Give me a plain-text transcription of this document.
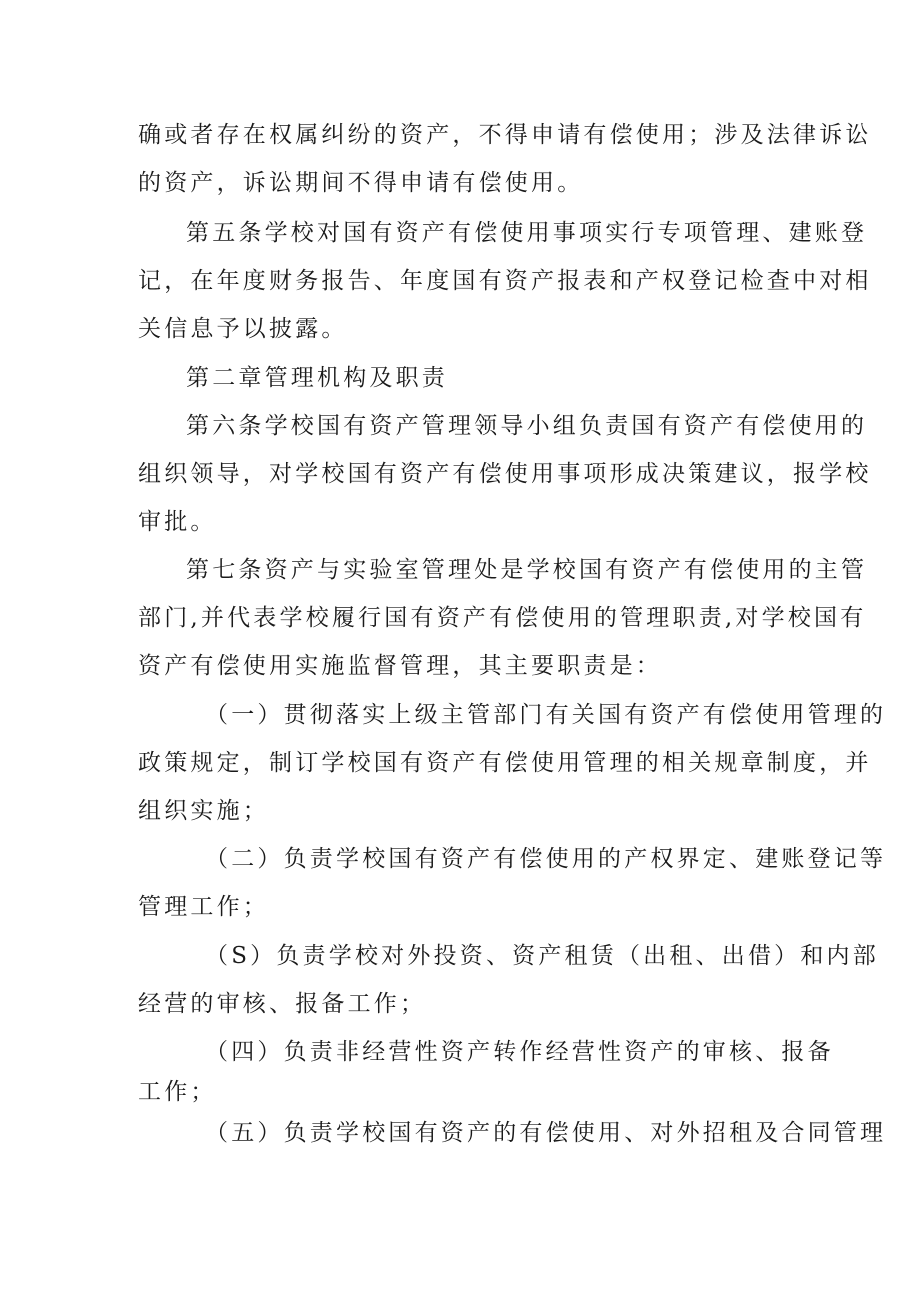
确或者存在权属纠纷的资产，不得申请有偿使用；涉及法律诉讼
的资产，诉讼期间不得申请有偿使用。
第五条学校对国有资产有偿使用事项实行专项管理、建账登
记，在年度财务报告、年度国有资产报表和产权登记检查中对相
关信息予以披露。
第二章管理机构及职责
第六条学校国有资产管理领导小组负责国有资产有偿使用的
组织领导，对学校国有资产有偿使用事项形成决策建议，报学校
审批。
第七条资产与实验室管理处是学校国有资产有偿使用的主管
部门,并代表学校履行国有资产有偿使用的管理职责,对学校国有
资产有偿使用实施监督管理，其主要职责是：
（一）贯彻落实上级主管部门有关国有资产有偿使用管理的
政策规定，制订学校国有资产有偿使用管理的相关规章制度，并
组织实施；
（二）负责学校国有资产有偿使用的产权界定、建账登记等
管理工作；
（S）负责学校对外投资、资产租赁（出租、出借）和内部
经营的审核、报备工作；
（四）负责非经营性资产转作经营性资产的审核、报备
工作；
（五）负责学校国有资产的有偿使用、对外招租及合同管理
